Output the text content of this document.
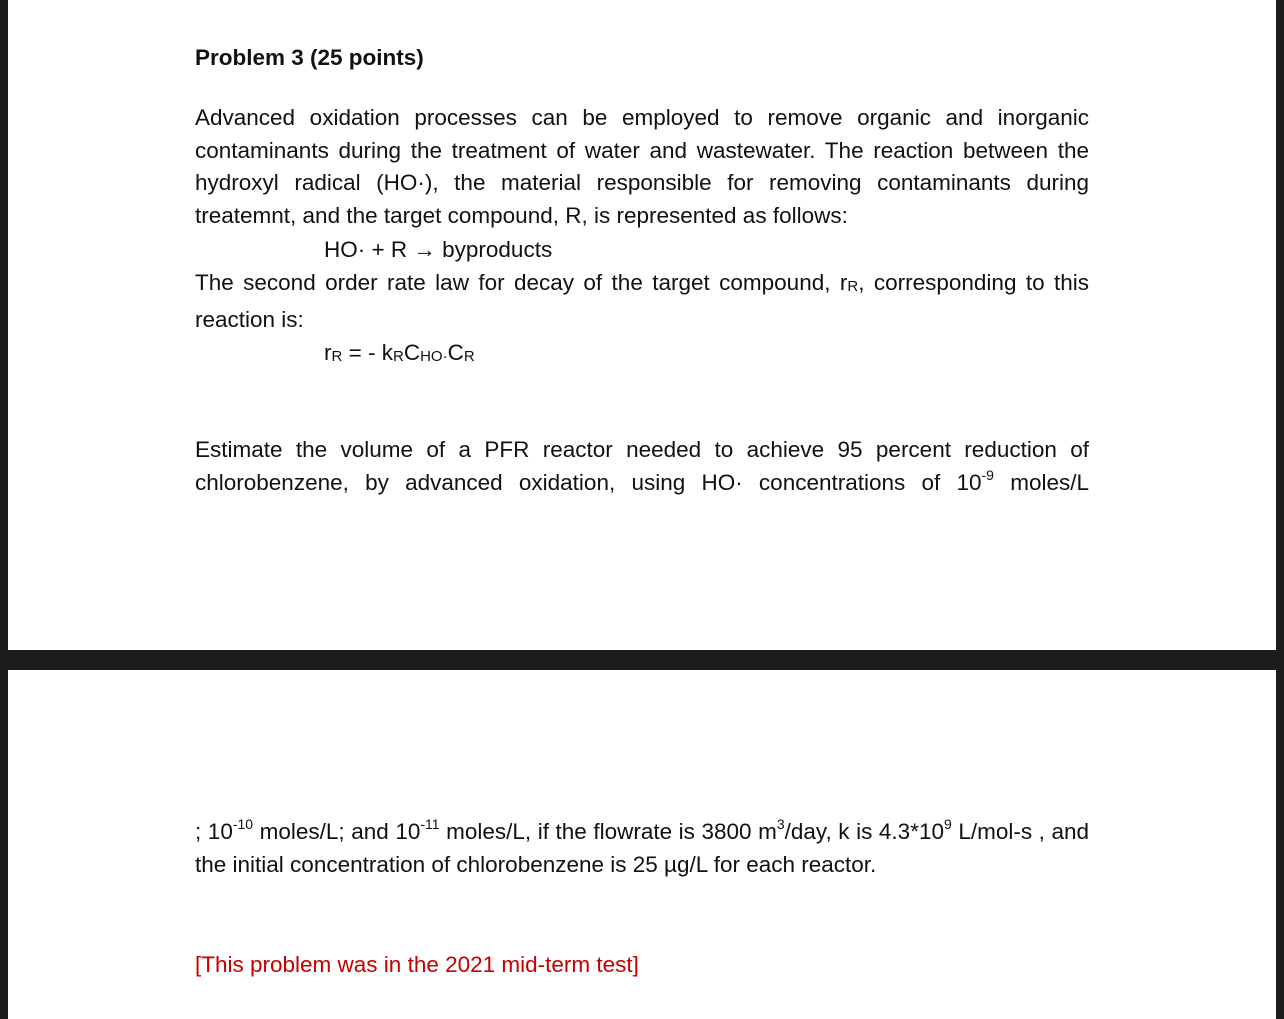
Problem 3 (25 points)
Advanced oxidation processes can be employed to remove organic and inorganic contaminants during the treatment of water and wastewater. The reaction between the hydroxyl radical (HO·), the material responsible for removing contaminants during treatemnt, and the target compound, R, is represented as follows:
HO· + R → byproducts
The second order rate law for decay of the target compound, rR, corresponding to this reaction is:
rR = - kRCHO·CR
Estimate the volume of a PFR reactor needed to achieve 95 percent reduction of chlorobenzene, by advanced oxidation, using HO· concentrations of $10^{-9}$ moles/L
; $10^{-10}$ moles/L; and $10^{-11}$ moles/L, if the flowrate is 3800 $m^3$/day, k is $4.3*10^9$ L/mol-s , and the initial concentration of chlorobenzene is 25 µg/L for each reactor.
[This problem was in the 2021 mid-term test]
